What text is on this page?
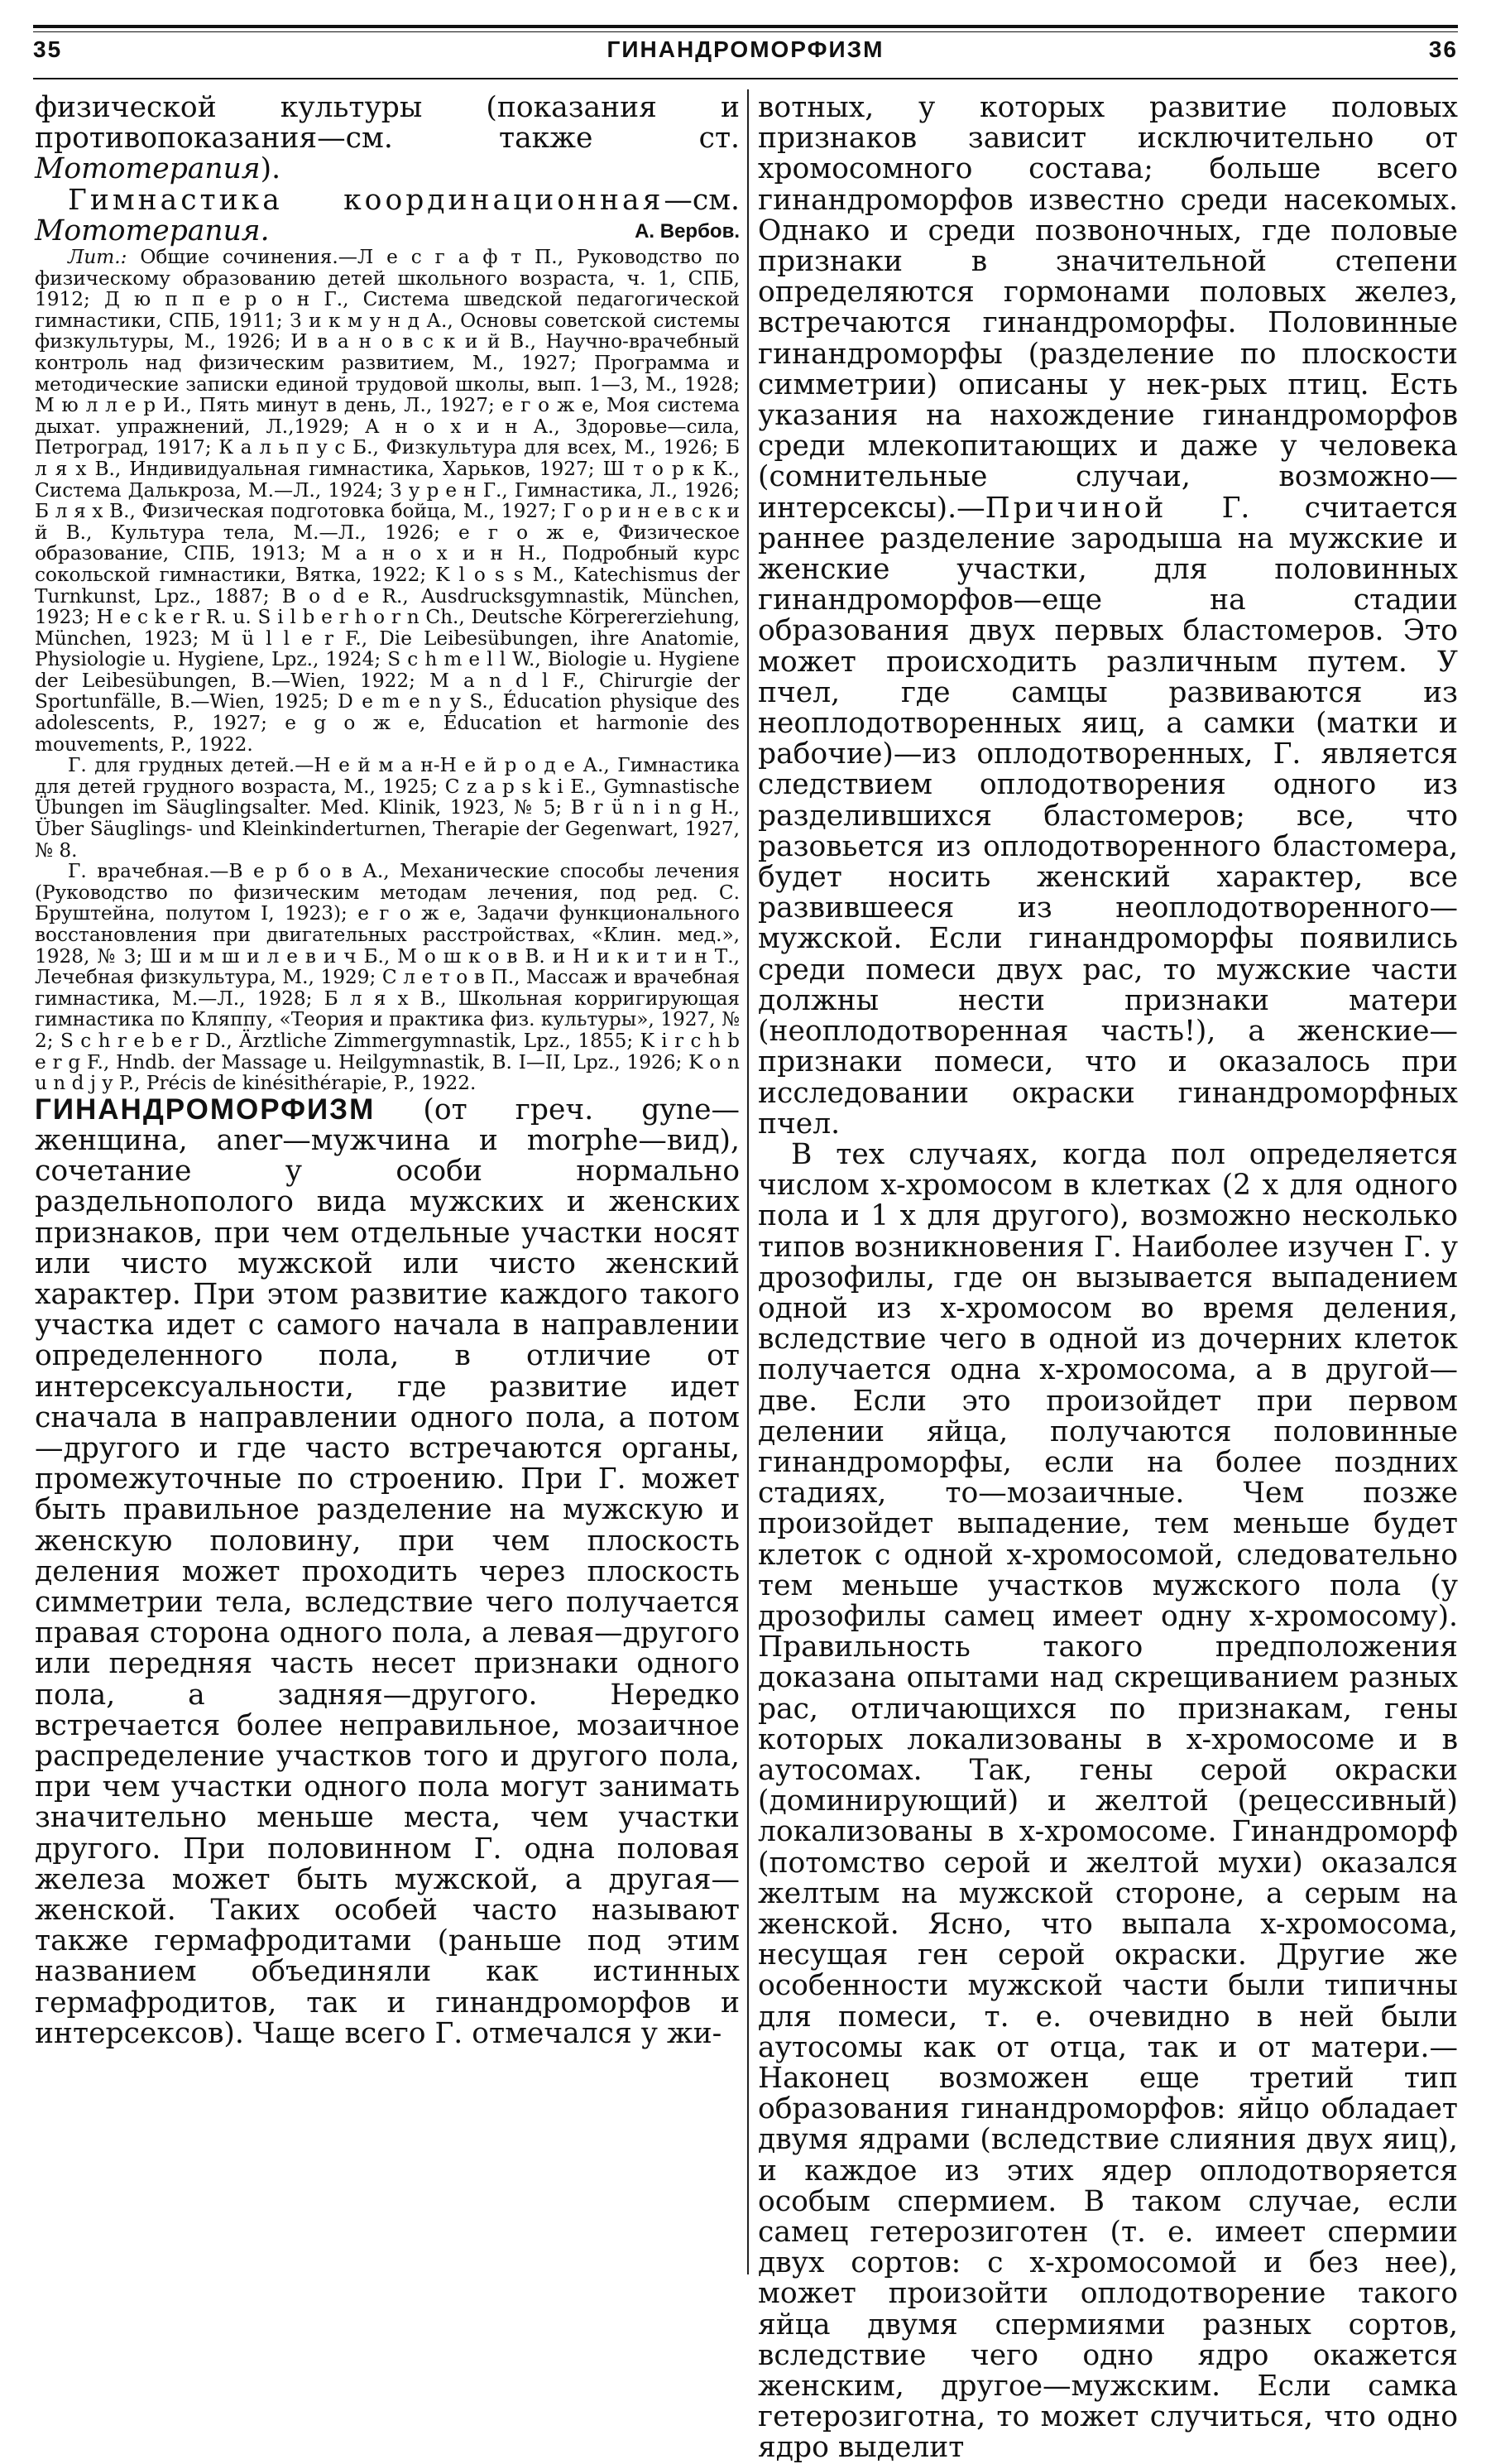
35	ГИНАНДРОМОРФИЗМ	36

физической культуры (показания и противопоказания—см. также ст. Мототерапия).

Гимнастика координационная—см. Мототерапия.	А. Вербов.

Лит.: Общие сочинения.—Л е с г а ф т П., Руководство по физическому образованию детей школьного возраста, ч. 1, СПБ, 1912; Д ю п п е р о н Г., Система шведской педагогической гимнастики, СПБ, 1911; З и к м у н д А., Основы советской системы физкультуры, М., 1926; И в а н о в с к и й В., Научно-врачебный контроль над физическим развитием, М., 1927; Программа и методические записки единой трудовой школы, вып. 1—3, М., 1928; М ю л л е р И., Пять минут в день, Л., 1927; е г о ж е, Моя система дыхат. упражнений, Л.,1929; А н о х и н А., Здоровье—сила, Петроград, 1917; К а л ь п у с Б., Физкультура для всех, М., 1926; Б л я х В., Индивидуальная гимнастика, Харьков, 1927; Ш т о р к К., Система Далькроза, М.—Л., 1924; З у р е н Г., Гимнастика, Л., 1926; Б л я х В., Физическая подготовка бойца, М., 1927; Г о р и н е в с к и й В., Культура тела, М.—Л., 1926; е г о ж е, Физическое образование, СПБ, 1913; М а н о х и н Н., Подробный курс сокольской гимнастики, Вятка, 1922; K l o s s M., Katechismus der Turnkunst, Lpz., 1887; B o d e R., Ausdrucksgymnastik, München, 1923; H e c k e r R. u. S i l b e r h o r n Ch., Deutsche Körpererziehung, München, 1923; M ü l l e r F., Die Leibesübungen, ihre Anatomie, Physiologie u. Hygiene, Lpz., 1924; S c h m e l l W., Biologie u. Hygiene der Leibesübungen, B.—Wien, 1922; M a n d l F., Chirurgie der Sportunfälle, B.—Wien, 1925; D e m e n y S., Éducation physique des adolescents, P., 1927; e g o ж е, Éducation et harmonie des mouvements, P., 1922.

Г. для грудных детей.—Н е й м а н-Н е й р о д е А., Гимнастика для детей грудного возраста, М., 1925; C z a p s k i E., Gymnastische Übungen im Säuglingsalter. Med. Klinik, 1923, № 5; B r ü n i n g H., Über Säuglings- und Kleinkinderturnen, Therapie der Gegenwart, 1927, № 8.

Г. врачебная.—В е р б о в А., Механические способы лечения (Руководство по физическим методам лечения, под ред. С. Бруштейна, полутом I, 1923); е г о ж е, Задачи функционального восстановления при двигательных расстройствах, «Клин. мед.», 1928, № 3; Ш и м ш и л е в и ч Б., М о ш к о в В. и Н и к и т и н Т., Лечебная физкультура, М., 1929; С л е т о в П., Массаж и врачебная гимнастика, М.—Л., 1928; Б л я х В., Школьная корригирующая гимнастика по Кляппу, «Теория и практика физ. культуры», 1927, № 2; S c h r e b e r D., Ärztliche Zimmergymnastik, Lpz., 1855; K i r c h b e r g F., Hndb. der Massage u. Heilgymnastik, B. I—II, Lpz., 1926; K o n u n d j y P., Précis de kinésithérapie, P., 1922.

ГИНАНДРОМОРФИЗМ (от греч. gyne—женщина, aner—мужчина и morphe—вид), сочетание у особи нормально раздельнополого вида мужских и женских признаков, при чем отдельные участки носят или чисто мужской или чисто женский характер. При этом развитие каждого такого участка идет с самого начала в направлении определенного пола, в отличие от интерсексуальности, где развитие идет сначала в направлении одного пола, а потом—другого и где часто встречаются органы, промежуточные по строению. При Г. может быть правильное разделение на мужскую и женскую половину, при чем плоскость деления может проходить через плоскость симметрии тела, вследствие чего получается правая сторона одного пола, а левая—другого или передняя часть несет признаки одного пола, а задняя—другого. Нередко встречается более неправильное, мозаичное распределение участков того и другого пола, при чем участки одного пола могут занимать значительно меньше места, чем участки другого. При половинном Г. одна половая железа может быть мужской, а другая—женской. Таких особей часто называют также гермафродитами (раньше под этим названием объединяли как истинных гермафродитов, так и гинандроморфов и интерсексов). Чаще всего Г. отмечался у жи-

вотных, у которых развитие половых признаков зависит исключительно от хромосомного состава; больше всего гинандроморфов известно среди насекомых. Однако и среди позвоночных, где половые признаки в значительной степени определяются гормонами половых желез, встречаются гинандроморфы. Половинные гинандроморфы (разделение по плоскости симметрии) описаны у нек-рых птиц. Есть указания на нахождение гинандроморфов среди млекопитающих и даже у человека (сомнительные случаи, возможно—интерсексы).—Причиной Г. считается раннее разделение зародыша на мужские и женские участки, для половинных гинандроморфов—еще на стадии образования двух первых бластомеров. Это может происходить различным путем. У пчел, где самцы развиваются из неоплодотворенных яиц, а самки (матки и рабочие)—из оплодотворенных, Г. является следствием оплодотворения одного из разделившихся бластомеров; все, что разовьется из оплодотворенного бластомера, будет носить женский характер, все развившееся из неоплодотворенного—мужской. Если гинандроморфы появились среди помеси двух рас, то мужские части должны нести признаки матери (неоплодотворенная часть!), а женские—признаки помеси, что и оказалось при исследовании окраски гинандроморфных пчел.

В тех случаях, когда пол определяется числом x-хромосом в клетках (2 x для одного пола и 1 x для другого), возможно несколько типов возникновения Г. Наиболее изучен Г. у дрозофилы, где он вызывается выпадением одной из x-хромосом во время деления, вследствие чего в одной из дочерних клеток получается одна x-хромосома, а в другой—две. Если это произойдет при первом делении яйца, получаются половинные гинандроморфы, если на более поздних стадиях, то—мозаичные. Чем позже произойдет выпадение, тем меньше будет клеток с одной x-хромосомой, следовательно тем меньше участков мужского пола (у дрозофилы самец имеет одну x-хромосому). Правильность такого предположения доказана опытами над скрещиванием разных рас, отличающихся по признакам, гены которых локализованы в x-хромосоме и в аутосомах. Так, гены серой окраски (доминирующий) и желтой (рецессивный) локализованы в x-хромосоме. Гинандроморф (потомство серой и желтой мухи) оказался желтым на мужской стороне, а серым на женской. Ясно, что выпала x-хромосома, несущая ген серой окраски. Другие же особенности мужской части были типичны для помеси, т. е. очевидно в ней были аутосомы как от отца, так и от матери.—Наконец возможен еще третий тип образования гинандроморфов: яйцо обладает двумя ядрами (вследствие слияния двух яиц), и каждое из этих ядер оплодотворяется особым спермием. В таком случае, если самец гетерозиготен (т. е. имеет спермии двух сортов: с x-хромосомой и без нее), может произойти оплодотворение такого яйца двумя спермиями разных сортов, вследствие чего одно ядро окажется женским, другое—мужским. Если самка гетерозиготна, то может случиться, что одно ядро выделит
